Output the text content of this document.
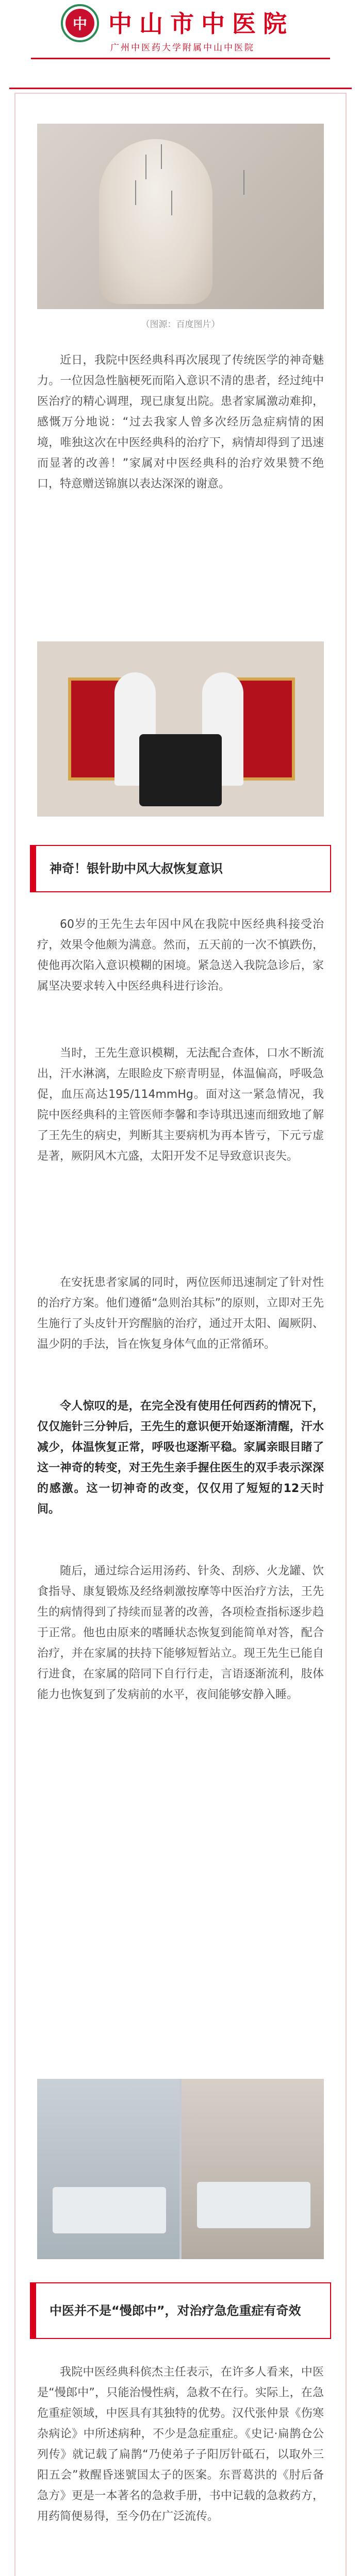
中 中山市中医院
广州中医药大学附属中山中医院
（图源：百度图片）
近日，我院中医经典科再次展现了传统医学的神奇魅力。一位因急性脑梗死而陷入意识不清的患者，经过纯中医治疗的精心调理，现已康复出院。患者家属激动难抑，感慨万分地说：“过去我家人曾多次经历急症病情的困境，唯独这次在中医经典科的治疗下，病情却得到了迅速而显著的改善！”家属对中医经典科的治疗效果赞不绝口，特意赠送锦旗以表达深深的谢意。
神奇！银针助中风大叔恢复意识
60岁的王先生去年因中风在我院中医经典科接受治疗，效果令他颇为满意。然而，五天前的一次不慎跌伤，使他再次陷入意识模糊的困境。紧急送入我院急诊后，家属坚决要求转入中医经典科进行诊治。
当时，王先生意识模糊，无法配合查体，口水不断流出，汗水淋漓，左眼睑皮下瘀青明显，体温偏高，呼吸急促，血压高达195/114mmHg。面对这一紧急情况，我院中医经典科的主管医师李馨和李诗琪迅速而细致地了解了王先生的病史，判断其主要病机为再本皆亏，下元亏虚是著，厥阴风木亢盛，太阳开发不足导致意识丧失。
在安抚患者家属的同时，两位医师迅速制定了针对性的治疗方案。他们遵循“急则治其标”的原则，立即对王先生施行了头皮针开窍醒脑的治疗，通过开太阳、阖厥阴、温少阴的手法，旨在恢复身体气血的正常循环。
令人惊叹的是，在完全没有使用任何西药的情况下，仅仅施针三分钟后，王先生的意识便开始逐渐清醒，汗水减少，体温恢复正常，呼吸也逐渐平稳。家属亲眼目睹了这一神奇的转变，对王先生亲手握住医生的双手表示深深的感激。这一切神奇的改变，仅仅用了短短的12天时间。
随后，通过综合运用汤药、针灸、刮痧、火龙罐、饮食指导、康复锻炼及经络刺激按摩等中医治疗方法，王先生的病情得到了持续而显著的改善，各项检查指标逐步趋于正常。他也由原来的嗜睡状态恢复到能简单对答，配合治疗，并在家属的扶持下能够短暂站立。现王先生已能自行进食，在家属的陪同下自行行走，言语逐渐流利，肢体能力也恢复到了发病前的水平，夜间能够安静入睡。
中医并不是“慢郎中”，对治疗急危重症有奇效
我院中医经典科傧杰主任表示，在许多人看来，中医是“慢郎中”，只能治慢性病，急救不在行。实际上，在急危重症领域，中医具有其独特的优势。汉代张仲景《伤寒杂病论》中所述病种，不少是急症重症。《史记·扁鹊仓公列传》就记载了扁鹊“乃使弟子子阳厉针砥石，以取外三阳五会”救醒昏迷號国太子的医案。东晋葛洪的《肘后备急方》更是一本著名的急救手册，书中记载的急救药方，用药简便易得，至今仍在广泛流传。
